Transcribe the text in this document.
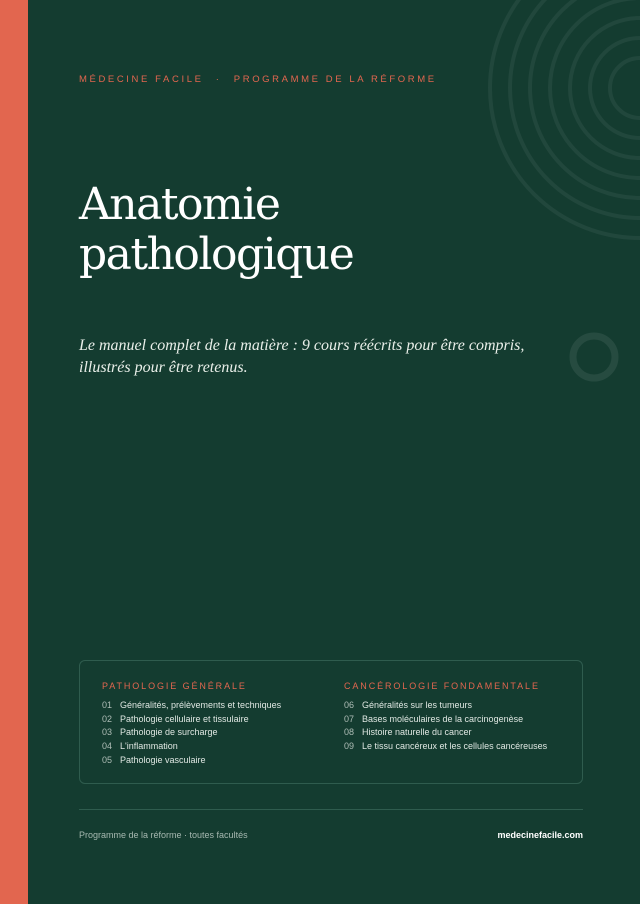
MÉDECINE FACILE · PROGRAMME DE LA RÉFORME
Anatomie
pathologique

Le manuel complet de la matière : 9 cours réécrits pour être compris, illustrés pour être retenus.

PATHOLOGIE GÉNÉRALE
01 Généralités, prélèvements et techniques
02 Pathologie cellulaire et tissulaire
03 Pathologie de surcharge
04 L'inflammation
05 Pathologie vasculaire
CANCÉROLOGIE FONDAMENTALE
06 Généralités sur les tumeurs
07 Bases moléculaires de la carcinogenèse
08 Histoire naturelle du cancer
09 Le tissu cancéreux et les cellules cancéreuses
Programme de la réforme · toutes facultés	medecinefacile.com
